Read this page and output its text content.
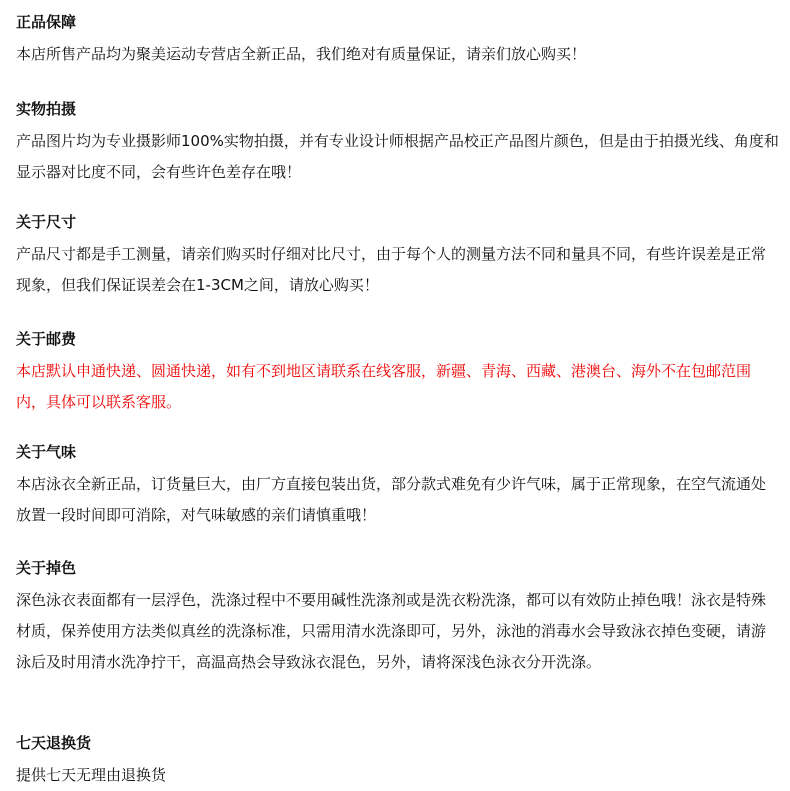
正品保障
本店所售产品均为聚美运动专营店全新正品，我们绝对有质量保证，请亲们放心购买！
实物拍摄
产品图片均为专业摄影师100%实物拍摄，并有专业设计师根据产品校正产品图片颜色，但是由于拍摄光线、角度和显示器对比度不同，会有些许色差存在哦！
关于尺寸
产品尺寸都是手工测量，请亲们购买时仔细对比尺寸，由于每个人的测量方法不同和量具不同，有些许误差是正常现象，但我们保证误差会在1-3CM之间，请放心购买！
关于邮费
本店默认申通快递、圆通快递，如有不到地区请联系在线客服，新疆、青海、西藏、港澳台、海外不在包邮范围内，具体可以联系客服。
关于气味
本店泳衣全新正品，订货量巨大，由厂方直接包装出货，部分款式难免有少许气味，属于正常现象，在空气流通处放置一段时间即可消除，对气味敏感的亲们请慎重哦！
关于掉色
深色泳衣表面都有一层浮色，洗涤过程中不要用碱性洗涤剂或是洗衣粉洗涤，都可以有效防止掉色哦！泳衣是特殊材质，保养使用方法类似真丝的洗涤标准，只需用清水洗涤即可，另外，泳池的消毒水会导致泳衣掉色变硬，请游泳后及时用清水洗净拧干，高温高热会导致泳衣混色，另外，请将深浅色泳衣分开洗涤。
七天退换货
提供七天无理由退换货
